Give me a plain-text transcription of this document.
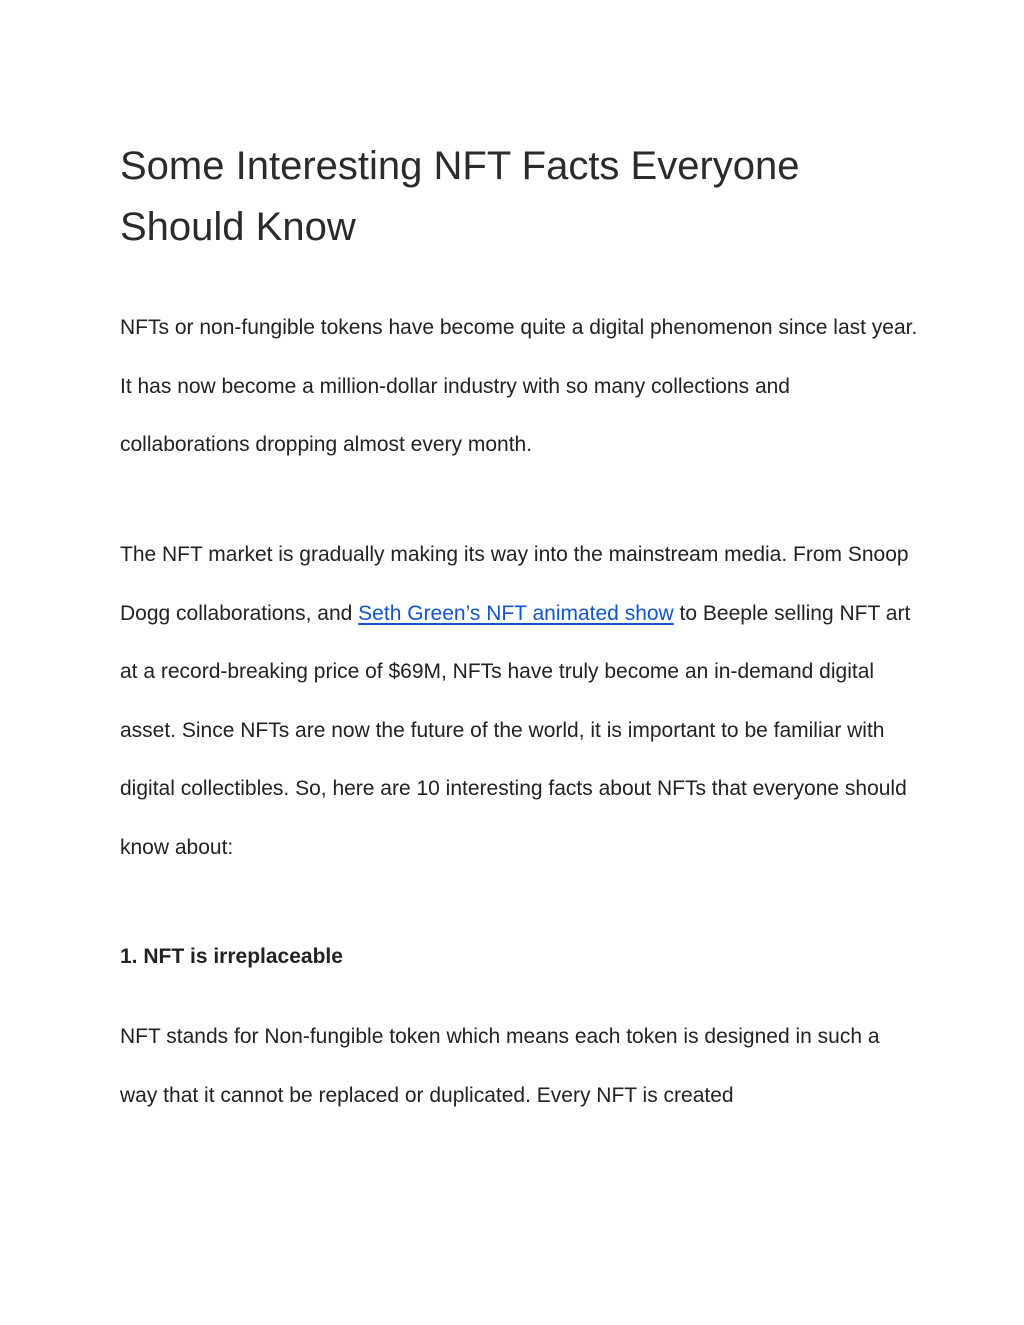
Some Interesting NFT Facts Everyone Should Know

NFTs or non-fungible tokens have become quite a digital phenomenon since last year. It has now become a million-dollar industry with so many collections and collaborations dropping almost every month.

The NFT market is gradually making its way into the mainstream media. From Snoop Dogg collaborations, and Seth Green’s NFT animated show to Beeple selling NFT art at a record-breaking price of $69M, NFTs have truly become an in-demand digital asset. Since NFTs are now the future of the world, it is important to be familiar with digital collectibles. So, here are 10 interesting facts about NFTs that everyone should know about:

1. NFT is irreplaceable

NFT stands for Non-fungible token which means each token is designed in such a way that it cannot be replaced or duplicated. Every NFT is created
